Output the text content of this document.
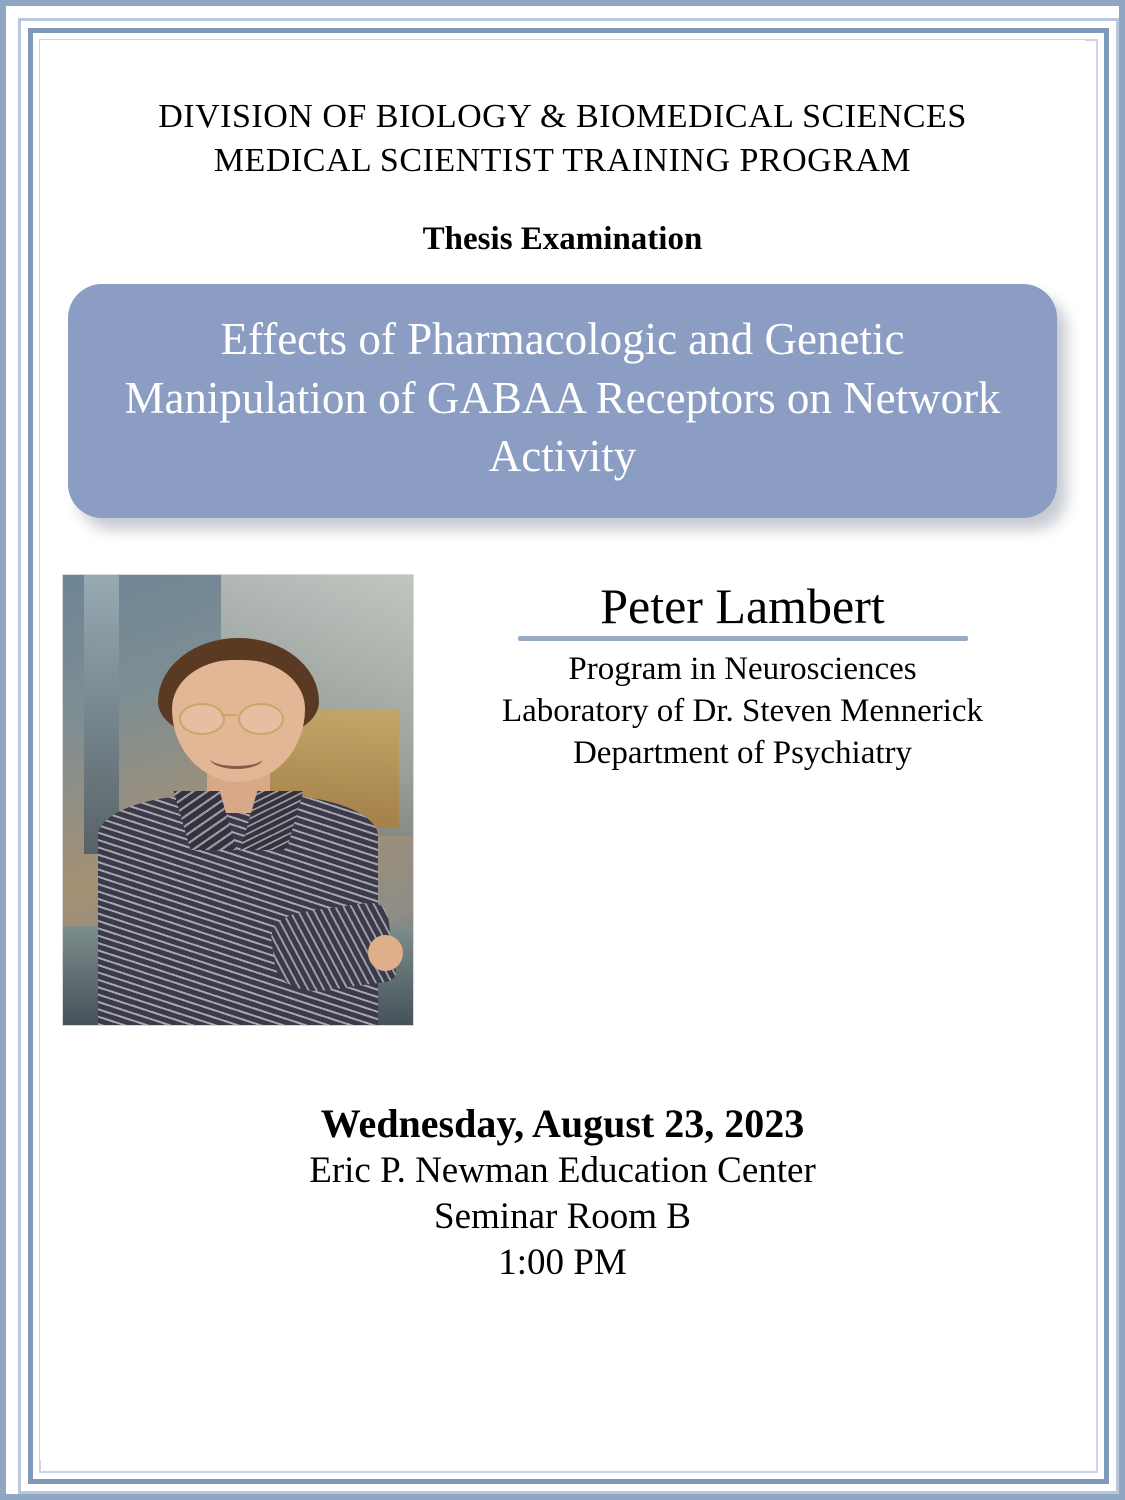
DIVISION OF BIOLOGY & BIOMEDICAL SCIENCES
MEDICAL SCIENTIST TRAINING PROGRAM
Thesis Examination
Effects of Pharmacologic and Genetic Manipulation of GABAA Receptors on Network Activity
Peter Lambert
Program in Neurosciences
Laboratory of Dr. Steven Mennerick
Department of Psychiatry
Wednesday, August 23, 2023
Eric P. Newman Education Center
Seminar Room B
1:00 PM
